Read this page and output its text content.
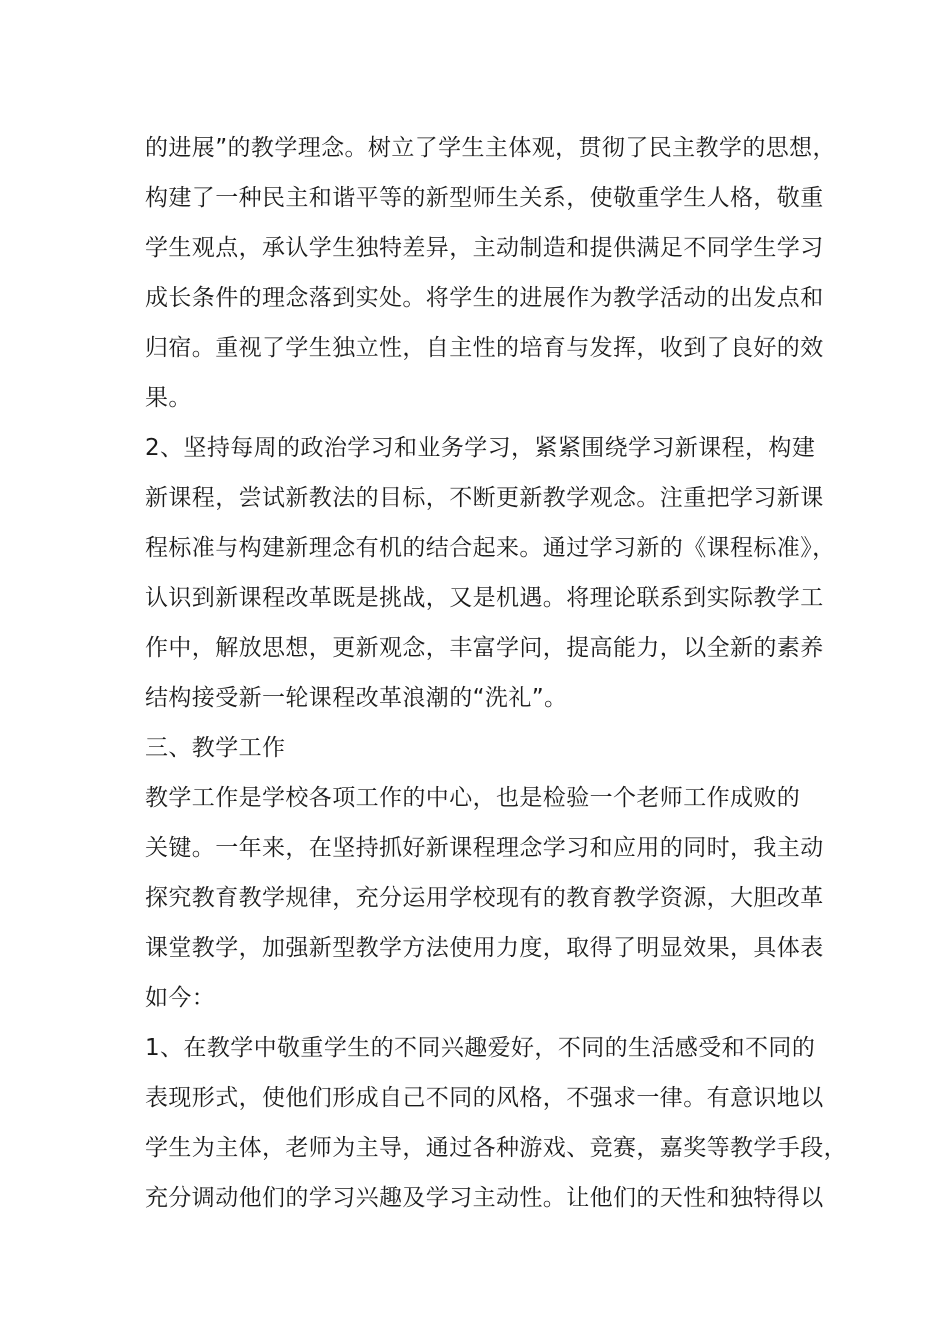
的进展”的教学理念。树立了学生主体观，贯彻了民主教学的思想，
构建了一种民主和谐平等的新型师生关系，使敬重学生人格，敬重
学生观点，承认学生独特差异，主动制造和提供满足不同学生学习
成长条件的理念落到实处。将学生的进展作为教学活动的出发点和
归宿。重视了学生独立性，自主性的培育与发挥，收到了良好的效
果。
2、坚持每周的政治学习和业务学习，紧紧围绕学习新课程，构建
新课程，尝试新教法的目标，不断更新教学观念。注重把学习新课
程标准与构建新理念有机的结合起来。通过学习新的《课程标准》，
认识到新课程改革既是挑战，又是机遇。将理论联系到实际教学工
作中，解放思想，更新观念，丰富学问，提高能力，以全新的素养
结构接受新一轮课程改革浪潮的“洗礼”。
三、教学工作
教学工作是学校各项工作的中心，也是检验一个老师工作成败的
关键。一年来，在坚持抓好新课程理念学习和应用的同时，我主动
探究教育教学规律，充分运用学校现有的教育教学资源，大胆改革
课堂教学，加强新型教学方法使用力度，取得了明显效果，具体表
如今：
1、在教学中敬重学生的不同兴趣爱好，不同的生活感受和不同的
表现形式，使他们形成自己不同的风格，不强求一律。有意识地以
学生为主体，老师为主导，通过各种游戏、竞赛，嘉奖等教学手段，
充分调动他们的学习兴趣及学习主动性。让他们的天性和独特得以
